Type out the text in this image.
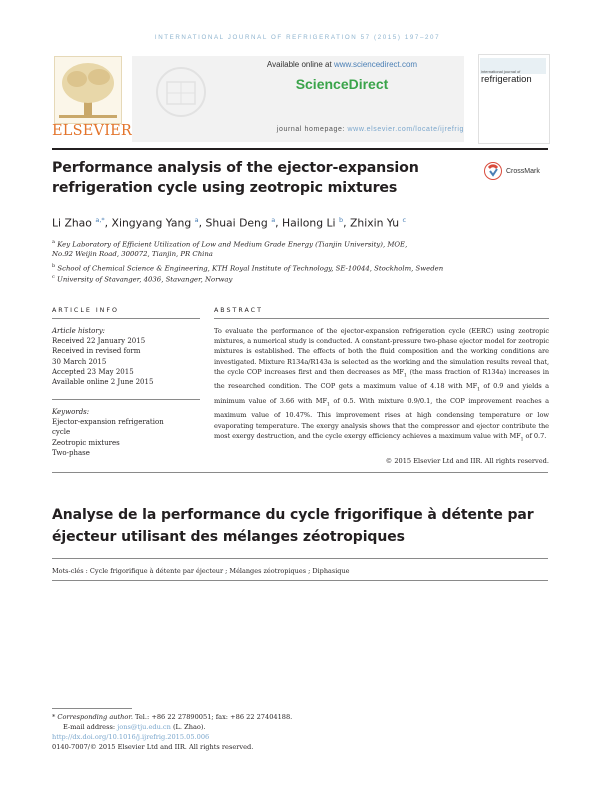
INTERNATIONAL JOURNAL OF REFRIGERATION 57 (2015) 197–207
ELSEVIER
Available online at www.sciencedirect.com
ScienceDirect
journal homepage: www.elsevier.com/locate/ijrefrig
international journal of
refrigeration
Performance analysis of the ejector-expansion
refrigeration cycle using zeotropic mixtures
CrossMark
Li Zhao $^{a,*}$, Xingyang Yang $^a$, Shuai Deng $^a$, Hailong Li $^b$, Zhixin Yu $^c$
$^a$ Key Laboratory of Efficient Utilization of Low and Medium Grade Energy (Tianjin University), MOE,
No.92 Weijin Road, 300072, Tianjin, PR China
$^b$ School of Chemical Science & Engineering, KTH Royal Institute of Technology, SE-10044, Stockholm, Sweden
$^c$ University of Stavanger, 4036, Stavanger, Norway
ARTICLE INFO	ABSTRACT
Article history:
Received 22 January 2015
Received in revised form
30 March 2015
Accepted 23 May 2015
Available online 2 June 2015
Keywords:
Ejector-expansion refrigeration
cycle
Zeotropic mixtures
Two-phase
To evaluate the performance of the ejector-expansion refrigeration cycle (EERC) using zeotropic mixtures, a numerical study is conducted. A constant-pressure two-phase ejector model for zeotropic mixtures is established. The effects of both the fluid composition and the working conditions are investigated. Mixture R134a/R143a is selected as the working and the simulation results reveal that, the cycle COP increases first and then decreases as $MF_1$ (the mass fraction of R134a) increases in the researched condition. The COP gets a maximum value of 4.18 with $MF_1$ of 0.9 and yields a minimum value of 3.66 with $MF_1$ of 0.5. With mixture 0.9/0.1, the COP improvement reaches a maximum value of 10.47%. This improvement rises at high condensing temperature or low evaporating temperature. The exergy analysis shows that the compressor and ejector contribute the most exergy destruction, and the cycle exergy efficiency achieves a maximum value with $MF_1$ of 0.7.
© 2015 Elsevier Ltd and IIR. All rights reserved.
Analyse de la performance du cycle frigorifique à détente par
éjecteur utilisant des mélanges zéotropiques
Mots-clés : Cycle frigorifique à détente par éjecteur ; Mélanges zéotropiques ; Diphasique
* Corresponding author. Tel.: +86 22 27890051; fax: +86 22 27404188.
E-mail address: jons@tju.edu.cn (L. Zhao).
http://dx.doi.org/10.1016/j.ijrefrig.2015.05.006
0140-7007/© 2015 Elsevier Ltd and IIR. All rights reserved.
